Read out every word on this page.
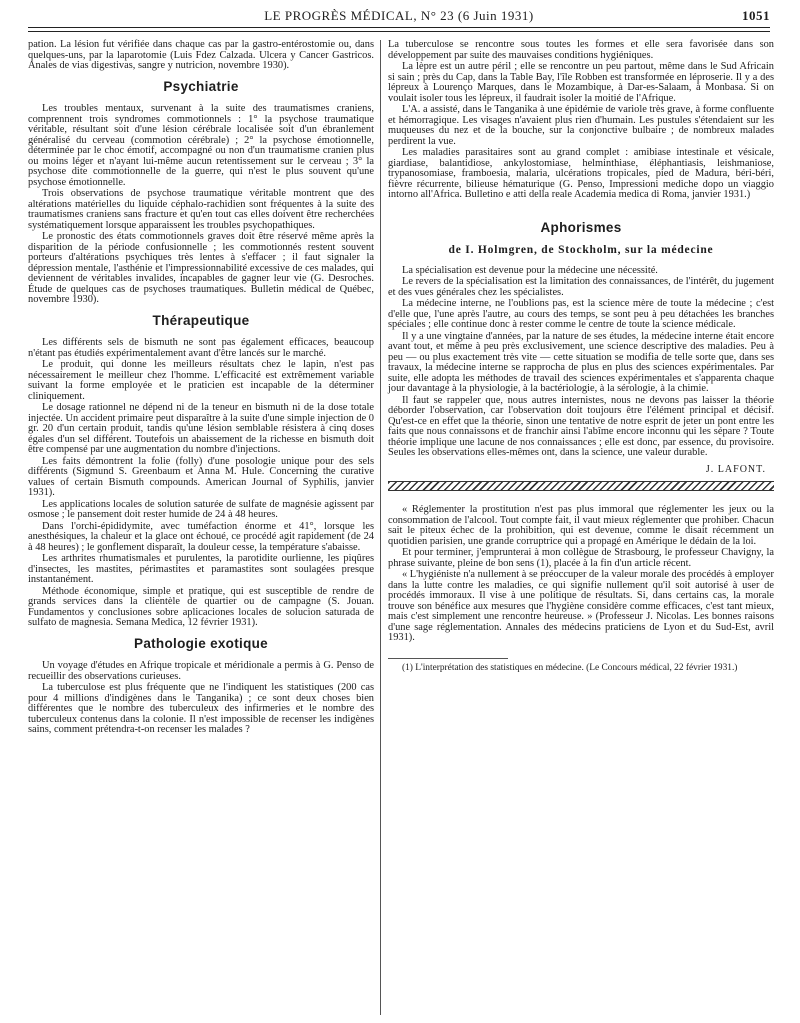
LE PROGRÈS MÉDICAL, N° 23 (6 Juin 1931)	1051

pation. La lésion fut vérifiée dans chaque cas par la gastro-entérostomie ou, dans quelques-uns, par la laparotomie (Luis Fdez Calzada. Ulcera y Cancer Gastricos. Anales de vias digestivas, sangre y nutricion, novembre 1930).

Psychiatrie

Les troubles mentaux, survenant à la suite des traumatismes craniens, comprennent trois syndromes commotionnels : 1° la psychose traumatique véritable, résultant soit d'une lésion cérébrale localisée soit d'un ébranlement généralisé du cerveau (commotion cérébrale) ; 2° la psychose émotionnelle, déterminée par le choc émotif, accompagné ou non d'un traumatisme cranien plus ou moins léger et n'ayant lui-même aucun retentissement sur le cerveau ; 3° la psychose dite commotionnelle de la guerre, qui n'est le plus souvent qu'une psychose émotionnelle.

Trois observations de psychose traumatique véritable montrent que des altérations matérielles du liquide céphalo-rachidien sont fréquentes à la suite des traumatismes craniens sans fracture et qu'en tout cas elles doivent être recherchées systématiquement lorsque apparaissent les troubles psychopathiques.

Le pronostic des états commotionnels graves doit être réservé même après la disparition de la période confusionnelle ; les commotionnés restent souvent porteurs d'altérations psychiques très lentes à s'effacer ; il faut signaler la dépression mentale, l'asthénie et l'impressionnabilité excessive de ces malades, qui deviennent de véritables invalides, incapables de gagner leur vie (G. Desroches. Étude de quelques cas de psychoses traumatiques. Bulletin médical de Québec, novembre 1930).

Thérapeutique

Les différents sels de bismuth ne sont pas également efficaces, beaucoup n'étant pas étudiés expérimentalement avant d'être lancés sur le marché.

Le produit, qui donne les meilleurs résultats chez le lapin, n'est pas nécessairement le meilleur chez l'homme. L'efficacité est extrêmement variable suivant la forme employée et le praticien est incapable de la déterminer cliniquement.

Le dosage rationnel ne dépend ni de la teneur en bismuth ni de la dose totale injectée. Un accident primaire peut disparaître à la suite d'une simple injection de 0 gr. 20 d'un certain produit, tandis qu'une lésion semblable résistera à cinq doses égales d'un sel différent. Toutefois un abaissement de la richesse en bismuth doit être compensé par une augmentation du nombre d'injections.

Les faits démontrent la folie (folly) d'une posologie unique pour des sels différents (Sigmund S. Greenbaum et Anna M. Hule. Concerning the curative values of certain Bismuth compounds. American Journal of Syphilis, janvier 1931).

Les applications locales de solution saturée de sulfate de magnésie agissent par osmose ; le pansement doit rester humide de 24 à 48 heures.

Dans l'orchi-épididymite, avec tuméfaction énorme et 41°, lorsque les anesthésiques, la chaleur et la glace ont échoué, ce procédé agit rapidement (de 24 à 48 heures) ; le gonflement disparaît, la douleur cesse, la température s'abaisse.

Les arthrites rhumatismales et purulentes, la parotidite ourlienne, les piqûres d'insectes, les mastites, périmastites et paramastites sont soulagées presque instantanément.

Méthode économique, simple et pratique, qui est susceptible de rendre de grands services dans la clientèle de quartier ou de campagne (S. Jouan. Fundamentos y conclusiones sobre aplicaciones locales de solucion saturada de sulfato de magnesia. Semana Medica, 12 février 1931).

Pathologie exotique

Un voyage d'études en Afrique tropicale et méridionale a permis à G. Penso de recueillir des observations curieuses.

La tuberculose est plus fréquente que ne l'indiquent les statistiques (200 cas pour 4 millions d'indigènes dans le Tanganika) ; ce sont deux choses bien différentes que le nombre des tuberculeux des infirmeries et le nombre des tuberculeux contenus dans la colonie. Il n'est impossible de recenser les indigènes sains, comment prétendra-t-on recenser les malades ?

La tuberculose se rencontre sous toutes les formes et elle sera favorisée dans son développement par suite des mauvaises conditions hygiéniques.

La lèpre est un autre péril ; elle se rencontre un peu partout, même dans le Sud Africain si sain ; près du Cap, dans la Table Bay, l'île Robben est transformée en léproserie. Il y a des lépreux à Lourenço Marques, dans le Mozambique, à Dar-es-Salaam, à Monbasa. Si on voulait isoler tous les lépreux, il faudrait isoler la moitié de l'Afrique.

L'A. a assisté, dans le Tanganika à une épidémie de variole très grave, à forme confluente et hémorragique. Les visages n'avaient plus rien d'humain. Les pustules s'étendaient sur les muqueuses du nez et de la bouche, sur la conjonctive bulbaire ; de nombreux malades perdirent la vue.

Les maladies parasitaires sont au grand complet : amibiase intestinale et vésicale, giardiase, balantidiose, ankylostomiase, helminthiase, éléphantiasis, leishmaniose, trypanosomiase, framboesia, malaria, ulcérations tropicales, pied de Madura, béri-béri, fièvre récurrente, bilieuse hématurique (G. Penso, Impressioni mediche dopo un viaggio intorno all'Africa. Bulletino e atti della reale Academia medica di Roma, janvier 1931.)

Aphorismes
de I. Holmgren, de Stockholm, sur la médecine

La spécialisation est devenue pour la médecine une nécessité.

Le revers de la spécialisation est la limitation des connaissances, de l'intérêt, du jugement et des vues générales chez les spécialistes.

La médecine interne, ne l'oublions pas, est la science mère de toute la médecine ; c'est d'elle que, l'une après l'autre, au cours des temps, se sont peu à peu détachées les branches spéciales ; elle continue donc à rester comme le centre de toute la science médicale.

Il y a une vingtaine d'années, par la nature de ses études, la médecine interne était encore avant tout, et même à peu près exclusivement, une science descriptive des maladies. Peu à peu — ou plus exactement très vite — cette situation se modifia de telle sorte que, dans ses travaux, la médecine interne se rapprocha de plus en plus des sciences expérimentales. Par suite, elle adopta les méthodes de travail des sciences expérimentales et s'apparenta chaque jour davantage à la physiologie, à la bactériologie, à la sérologie, à la chimie.

Il faut se rappeler que, nous autres internistes, nous ne devons pas laisser la théorie déborder l'observation, car l'observation doit toujours être l'élément principal et décisif. Qu'est-ce en effet que la théorie, sinon une tentative de notre esprit de jeter un pont entre les faits que nous connaissons et de franchir ainsi l'abîme encore inconnu qui les sépare ? Toute théorie implique une lacune de nos connaissances ; elle est donc, par essence, du provisoire. Seules les observations elles-mêmes ont, dans la science, une valeur durable.

J. LAFONT.

« Réglementer la prostitution n'est pas plus immoral que réglementer les jeux ou la consommation de l'alcool. Tout compte fait, il vaut mieux réglementer que prohiber. Chacun sait le piteux échec de la prohibition, qui est devenue, comme le disait récemment un quotidien parisien, une grande corruptrice qui a propagé en Amérique le dédain de la loi.

Et pour terminer, j'emprunterai à mon collègue de Strasbourg, le professeur Chavigny, la phrase suivante, pleine de bon sens (1), placée à la fin d'un article récent.

« L'hygiéniste n'a nullement à se préoccuper de la valeur morale des procédés à employer dans la lutte contre les maladies, ce qui signifie nullement qu'il soit autorisé à user de procédés immoraux. Il vise à une politique de résultats. Si, dans certains cas, la morale trouve son bénéfice aux mesures que l'hygiène considère comme efficaces, c'est tant mieux, mais c'est simplement une rencontre heureuse. » (Professeur J. Nicolas. Les bonnes raisons d'une sage réglementation. Annales des médecins praticiens de Lyon et du Sud-Est, avril 1931).

(1) L'interprétation des statistiques en médecine. (Le Concours médical, 22 février 1931.)
